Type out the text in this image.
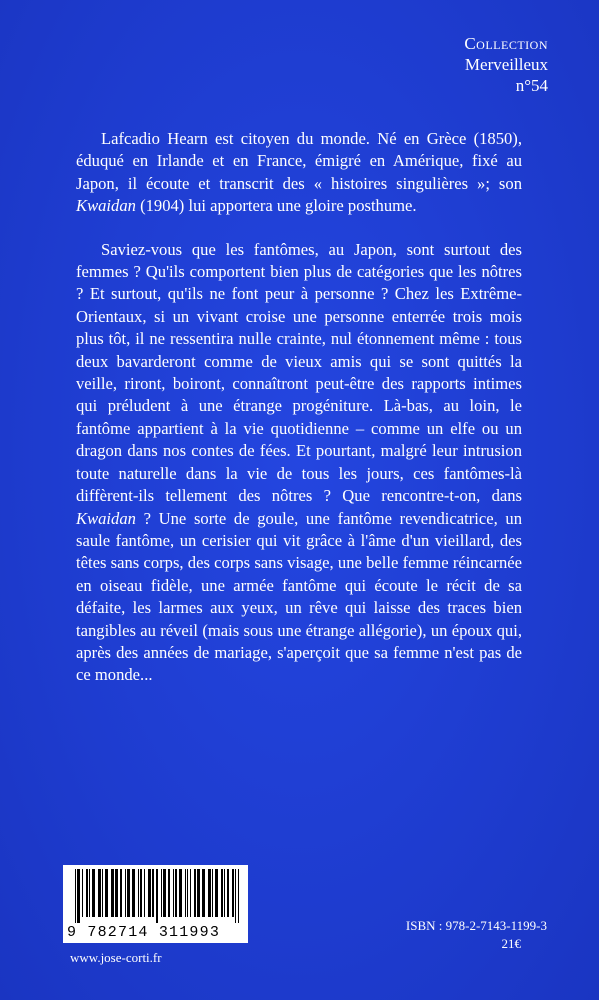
Collection
Merveilleux
n°54

Lafcadio Hearn est citoyen du monde. Né en Grèce (1850), éduqué en Irlande et en France, émigré en Amérique, fixé au Japon, il écoute et transcrit des « histoires singulières »; son Kwaidan (1904) lui apportera une gloire posthume.

Saviez-vous que les fantômes, au Japon, sont surtout des femmes ? Qu'ils comportent bien plus de catégories que les nôtres ? Et surtout, qu'ils ne font peur à personne ? Chez les Extrême-Orientaux, si un vivant croise une personne enterrée trois mois plus tôt, il ne ressentira nulle crainte, nul étonnement même : tous deux bavarderont comme de vieux amis qui se sont quittés la veille, riront, boiront, connaîtront peut-être des rapports intimes qui préludent à une étrange progéniture. Là-bas, au loin, le fantôme appartient à la vie quotidienne – comme un elfe ou un dragon dans nos contes de fées. Et pourtant, malgré leur intrusion toute naturelle dans la vie de tous les jours, ces fantômes-là diffèrent-ils tellement des nôtres ? Que rencontre-t-on, dans Kwaidan ? Une sorte de goule, une fantôme revendicatrice, un saule fantôme, un cerisier qui vit grâce à l'âme d'un vieillard, des têtes sans corps, des corps sans visage, une belle femme réincarnée en oiseau fidèle, une armée fantôme qui écoute le récit de sa défaite, les larmes aux yeux, un rêve qui laisse des traces bien tangibles au réveil (mais sous une étrange allégorie), un époux qui, après des années de mariage, s'aperçoit que sa femme n'est pas de ce monde...

9 782714 311993	ISBN : 978-2-7143-1199-3
21€
www.jose-corti.fr
